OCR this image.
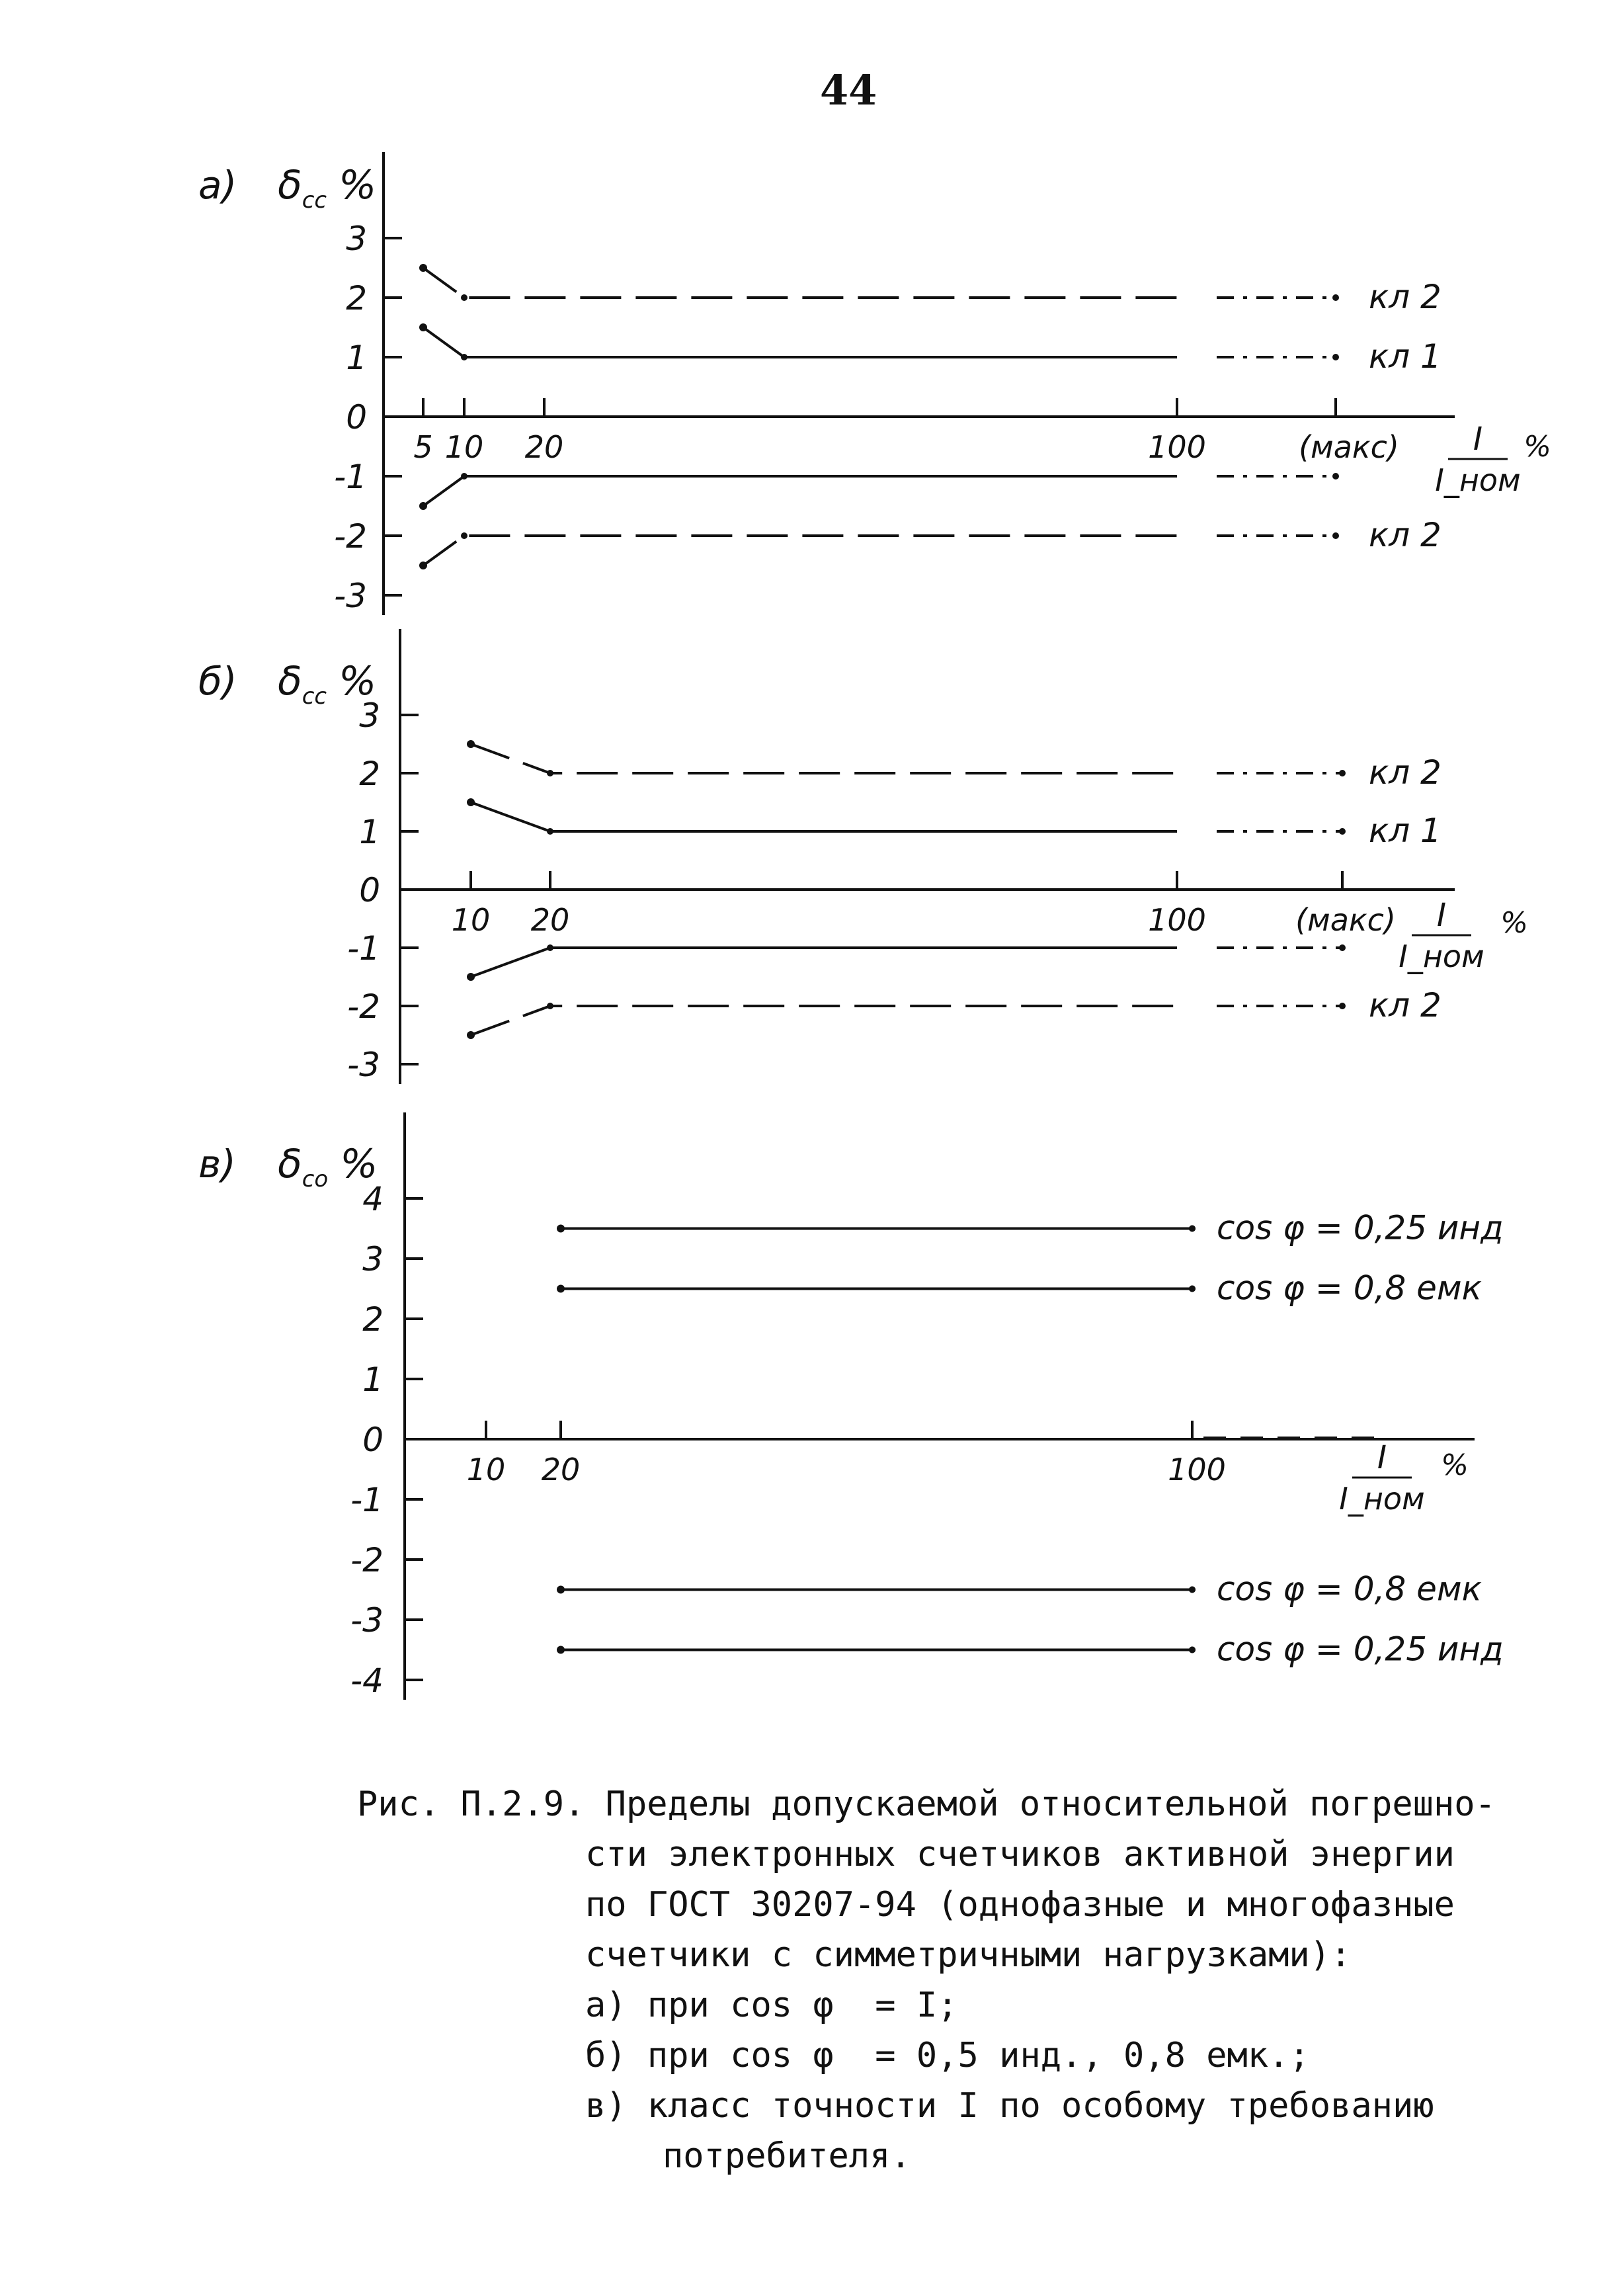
44
а) $\delta_{cc}$ %
3
2
1
0
-1
-2
-3
5 10 20	100	(макс) I
I_ном
%
кл 2
кл 1
кл 2
б) $\delta_{cc}$ %
3
2
1
0
-1
-2
-3
10 20	100	(макс) I
I_ном
%
кл 2
кл 1
кл 2
в) $\delta_{co}$ %
4
3
2
1
0
-1
-2
-3
-4
10 20	100	I
I_ном
%
cos φ = 0,25 инд
cos φ = 0,8 емк
cos φ = 0,8 емк
cos φ = 0,25 инд
Рис. П.2.9. Пределы допускаемой относительной погрешно-
сти электронных счетчиков активной энергии
по ГОСТ 30207-94 (однофазные и многофазные
счетчики с симметричными нагрузками):
а) при cos φ  = I;
б) при cos φ  = 0,5 инд., 0,8 емк.;
в) класс точности I по особому требованию
потребителя.
